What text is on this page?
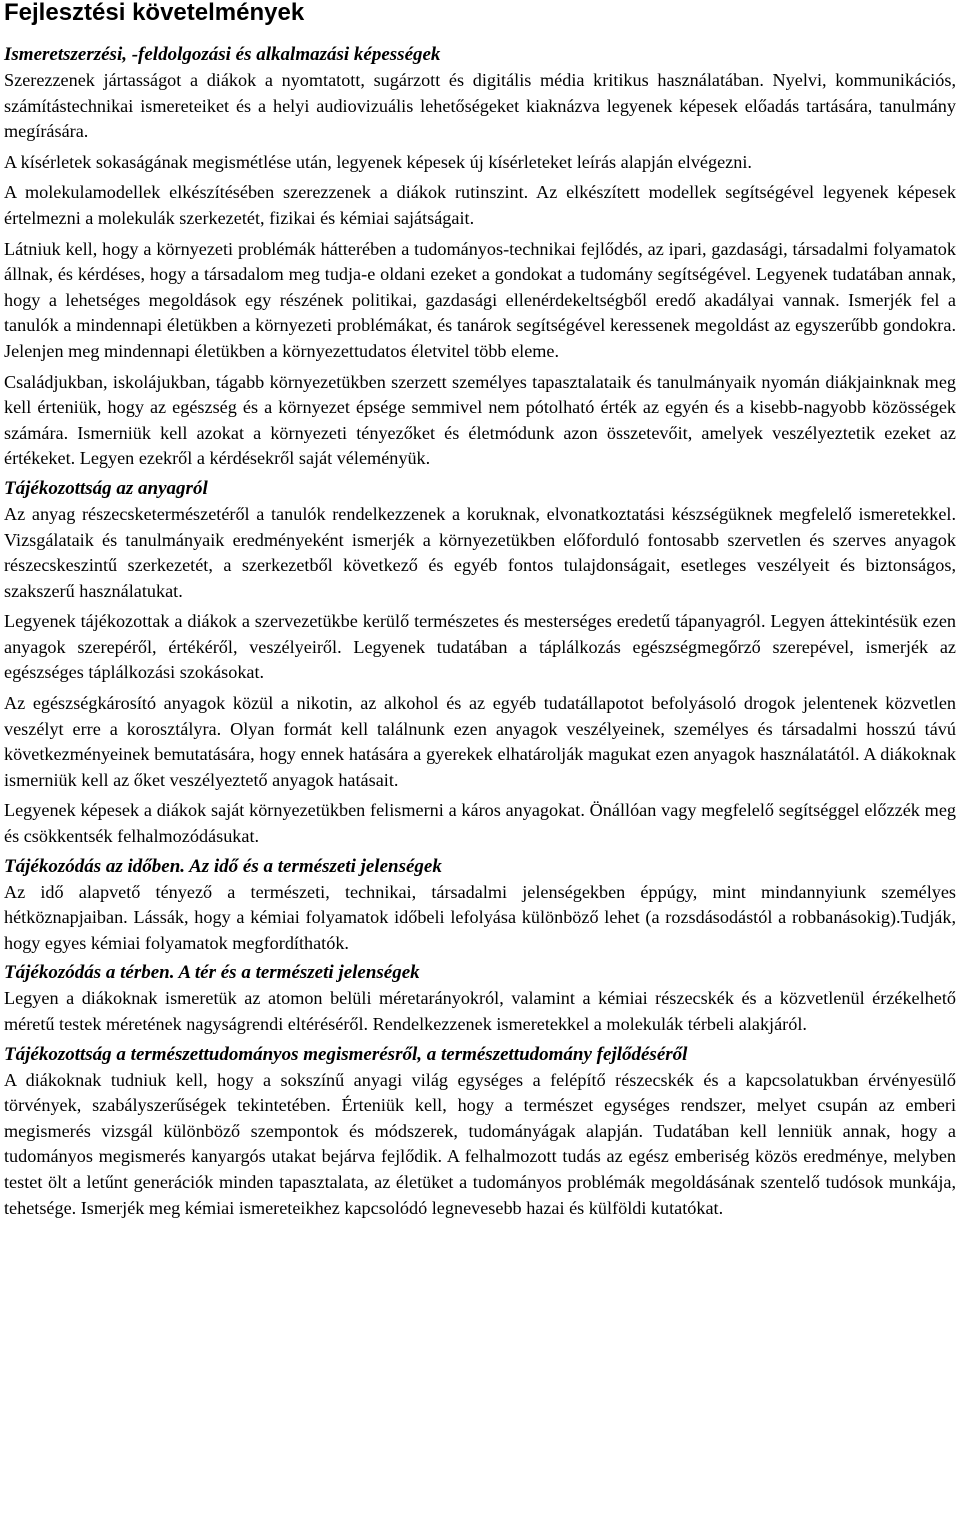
Fejlesztési követelmények
Ismeretszerzési, -feldolgozási és alkalmazási képességek

Szerezzenek jártasságot a diákok a nyomtatott, sugárzott és digitális média kritikus használatában. Nyelvi, kommunikációs, számítástechnikai ismereteiket és a helyi audiovizuális lehetőségeket kiaknázva legyenek képesek előadás tartására, tanulmány megírására.

A kísérletek sokaságának megismétlése után, legyenek képesek új kísérleteket leírás alapján elvégezni.

A molekulamodellek elkészítésében szerezzenek a diákok rutinszint. Az elkészített modellek segítségével legyenek képesek értelmezni a molekulák szerkezetét, fizikai és kémiai sajátságait.

Látniuk kell, hogy a környezeti problémák hátterében a tudományos-technikai fejlődés, az ipari, gazdasági, társadalmi folyamatok állnak, és kérdéses, hogy a társadalom meg tudja-e oldani ezeket a gondokat a tudomány segítségével. Legyenek tudatában annak, hogy a lehetséges megoldások egy részének politikai, gazdasági ellenérdekeltségből eredő akadályai vannak. Ismerjék fel a tanulók a mindennapi életükben a környezeti problémákat, és tanárok segítségével keressenek megoldást az egyszerűbb gondokra. Jelenjen meg mindennapi életükben a környezettudatos életvitel több eleme.

Családjukban, iskolájukban, tágabb környezetükben szerzett személyes tapasztalataik és tanulmányaik nyomán diákjainknak meg kell érteniük, hogy az egészség és a környezet épsége semmivel nem pótolható érték az egyén és a kisebb-nagyobb közösségek számára. Ismerniük kell azokat a környezeti tényezőket és életmódunk azon összetevőit, amelyek veszélyeztetik ezeket az értékeket. Legyen ezekről a kérdésekről saját véleményük.

Tájékozottság az anyagról

Az anyag részecsketermészetéről a tanulók rendelkezzenek a koruknak, elvonatkoztatási készségüknek megfelelő ismeretekkel. Vizsgálataik és tanulmányaik eredményeként ismerjék a környezetükben előforduló fontosabb szervetlen és szerves anyagok részecskeszintű szerkezetét, a szerkezetből következő és egyéb fontos tulajdonságait, esetleges veszélyeit és biztonságos, szakszerű használatukat.

Legyenek tájékozottak a diákok a szervezetükbe kerülő természetes és mesterséges eredetű tápanyagról. Legyen áttekintésük ezen anyagok szerepéről, értékéről, veszélyeiről. Legyenek tudatában a táplálkozás egészségmegőrző szerepével, ismerjék az egészséges táplálkozási szokásokat.

Az egészségkárosító anyagok közül a nikotin, az alkohol és az egyéb tudatállapotot befolyásoló drogok jelentenek közvetlen veszélyt erre a korosztályra. Olyan formát kell találnunk ezen anyagok veszélyeinek, személyes és társadalmi hosszú távú következményeinek bemutatására, hogy ennek hatására a gyerekek elhatárolják magukat ezen anyagok használatától. A diákoknak ismerniük kell az őket veszélyeztető anyagok hatásait.

Legyenek képesek a diákok saját környezetükben felismerni a káros anyagokat. Önállóan vagy megfelelő segítséggel előzzék meg és csökkentsék felhalmozódásukat.

Tájékozódás az időben. Az idő és a természeti jelenségek

Az idő alapvető tényező a természeti, technikai, társadalmi jelenségekben éppúgy, mint mindannyiunk személyes hétköznapjaiban. Lássák, hogy a kémiai folyamatok időbeli lefolyása különböző lehet (a rozsdásodástól a robbanásokig).Tudják, hogy egyes kémiai folyamatok megfordíthatók.

Tájékozódás a térben. A tér és a természeti jelenségek

Legyen a diákoknak ismeretük az atomon belüli méretarányokról, valamint a kémiai részecskék és a közvetlenül érzékelhető méretű testek méretének nagyságrendi eltéréséről. Rendelkezzenek ismeretekkel a molekulák térbeli alakjáról.

Tájékozottság a természettudományos megismerésről, a természettudomány fejlődéséről

A diákoknak tudniuk kell, hogy a sokszínű anyagi világ egységes a felépítő részecskék és a kapcsolatukban érvényesülő törvények, szabályszerűségek tekintetében. Érteniük kell, hogy a természet egységes rendszer, melyet csupán az emberi megismerés vizsgál különböző szempontok és módszerek, tudományágak alapján. Tudatában kell lenniük annak, hogy a tudományos megismerés kanyargós utakat bejárva fejlődik. A felhalmozott tudás az egész emberiség közös eredménye, melyben testet ölt a letűnt generációk minden tapasztalata, az életüket a tudományos problémák megoldásának szentelő tudósok munkája, tehetsége. Ismerjék meg kémiai ismereteikhez kapcsolódó legnevesebb hazai és külföldi kutatókat.
